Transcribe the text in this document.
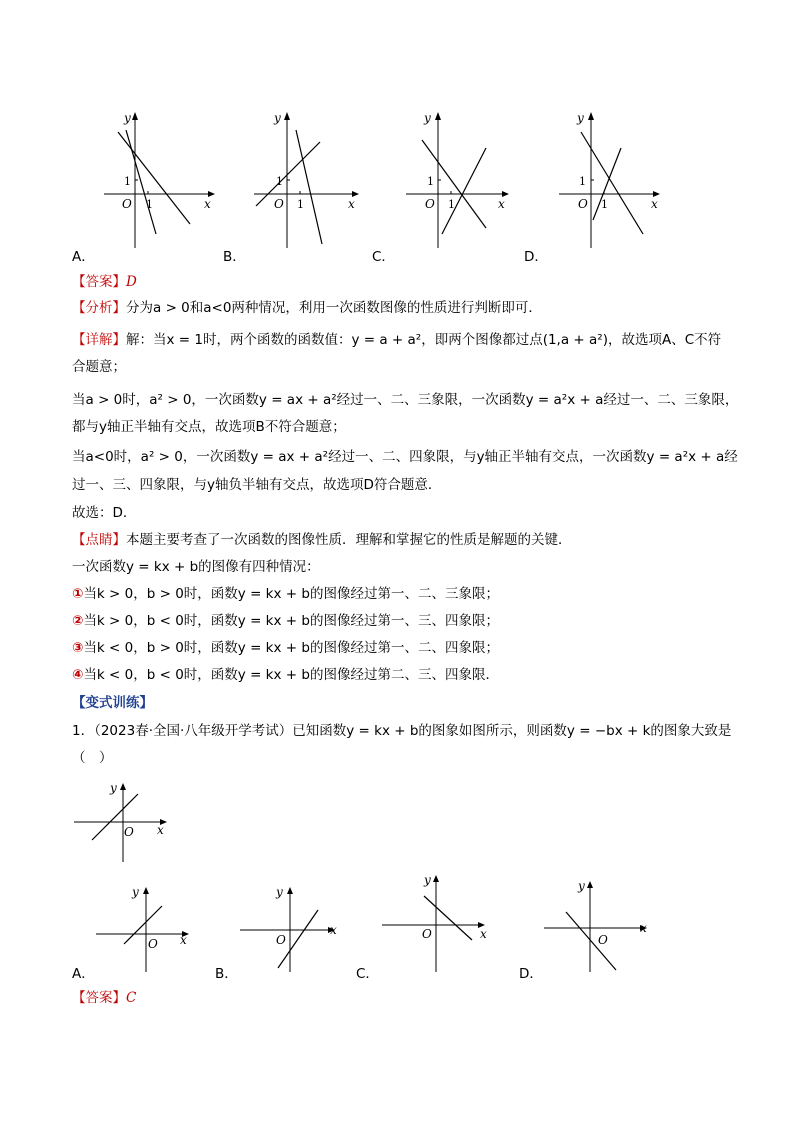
y
x
O
1
1
y
x
O
1
1
y
x
O
1
1
y
x
O
1
1
A．	B．	C．	D．
【答案】D
【分析】分为a > 0和a<0两种情况，利用一次函数图像的性质进行判断即可．
【详解】解：当x = 1时，两个函数的函数值：y = a + a²，即两个图像都过点(1,a + a²)，故选项A、C不符
合题意；
当a > 0时，a² > 0，一次函数y = ax + a²经过一、二、三象限，一次函数y = a²x + a经过一、二、三象限，
都与y轴正半轴有交点，故选项B不符合题意；
当a<0时，a² > 0，一次函数y = ax + a²经过一、二、四象限，与y轴正半轴有交点，一次函数y = a²x + a经
过一、三、四象限，与y轴负半轴有交点，故选项D符合题意．
故选：D．
【点睛】本题主要考查了一次函数的图像性质．理解和掌握它的性质是解题的关键．
一次函数y = kx + b的图像有四种情况：
①当k > 0，b > 0时，函数y = kx + b的图像经过第一、二、三象限；
②当k > 0，b < 0时，函数y = kx + b的图像经过第一、三、四象限；
③当k < 0，b > 0时，函数y = kx + b的图像经过第一、二、四象限；
④当k < 0，b < 0时，函数y = kx + b的图像经过第二、三、四象限．
【变式训练】
1．（2023春·全国·八年级开学考试）已知函数y = kx + b的图象如图所示，则函数y = −bx + k的图象大致是
（　）
y
x
O
y
x
O
y
x
O
y
x
O
y
x
O
A．	B．	C．	D．
【答案】C
